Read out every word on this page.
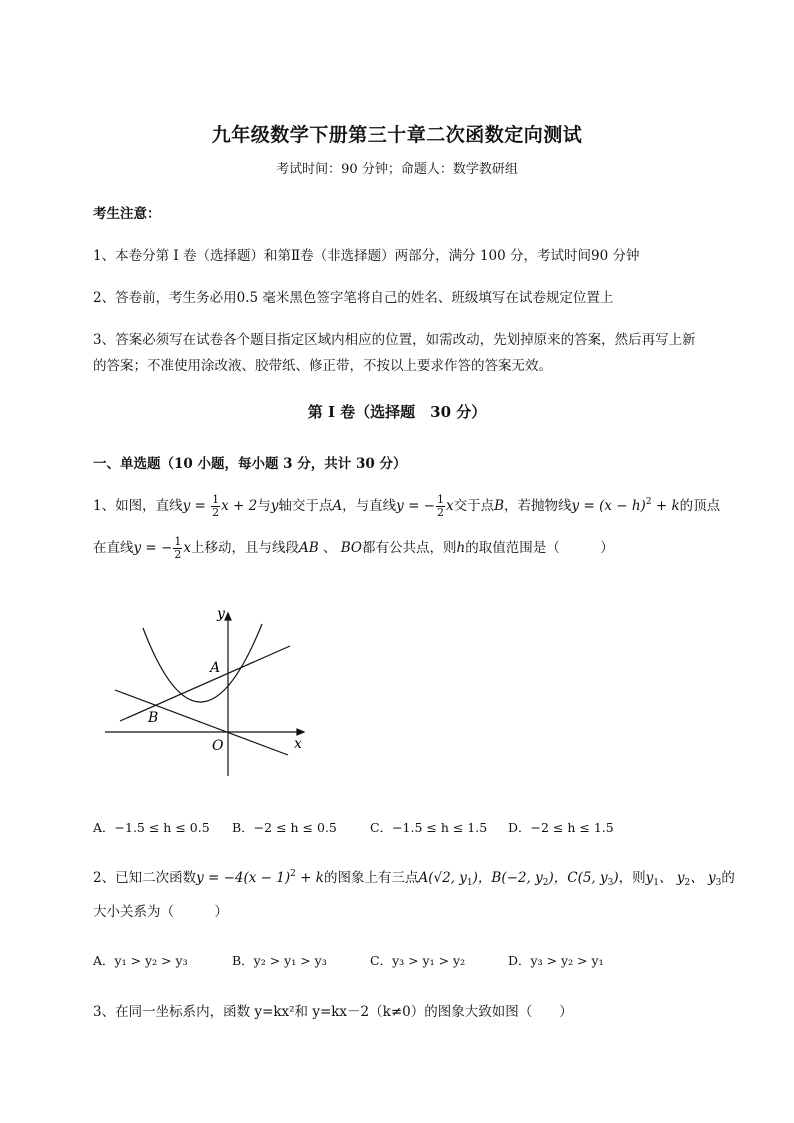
九年级数学下册第三十章二次函数定向测试
考试时间：90 分钟；命题人：数学教研组
考生注意：
1、本卷分第 I 卷（选择题）和第Ⅱ卷（非选择题）两部分，满分 100 分，考试时间90 分钟
2、答卷前，考生务必用0.5 毫米黑色签字笔将自己的姓名、班级填写在试卷规定位置上
3、答案必须写在试卷各个题目指定区域内相应的位置，如需改动，先划掉原来的答案，然后再写上新
的答案；不准使用涂改液、胶带纸、修正带，不按以上要求作答的答案无效。
第 I 卷（选择题　30 分）
一、单选题（10 小题，每小题 3 分，共计 30 分）
1、如图，直线$y = \frac{1}{2}$ x + 2与y轴交于点A，与直线y = − $\frac{1}{2}$ x交于点B，若抛物线$y = (x - h)^2 + k$的顶点
在直线y = − $\frac{1}{2}$ x上移动，且与线段AB 、 BO都有公共点，则h的取值范围是（　　　）
y
x
A
B
O
A．−1.5 ≤ h ≤ 0.5 B．−2 ≤ h ≤ 0.5	C．−1.5 ≤ h ≤ 1.5 D．−2 ≤ h ≤ 1.5
2、已知二次函数$y = -4(x - 1)^2 + k$的图象上有三点A(√2, $y_1$)，B(−2, $y_2$)，C(5, $y_3$)，则$y_1$、 $y_2$、 $y_3$的
大小关系为（　　　）
A．y₁ > y₂ > y₃	B．y₂ > y₁ > y₃	C．y₃ > y₁ > y₂	D．y₃ > y₂ > y₁
3、在同一坐标系内，函数 y=kx²和 y=kx－2（k≠0）的图象大致如图（　　）
